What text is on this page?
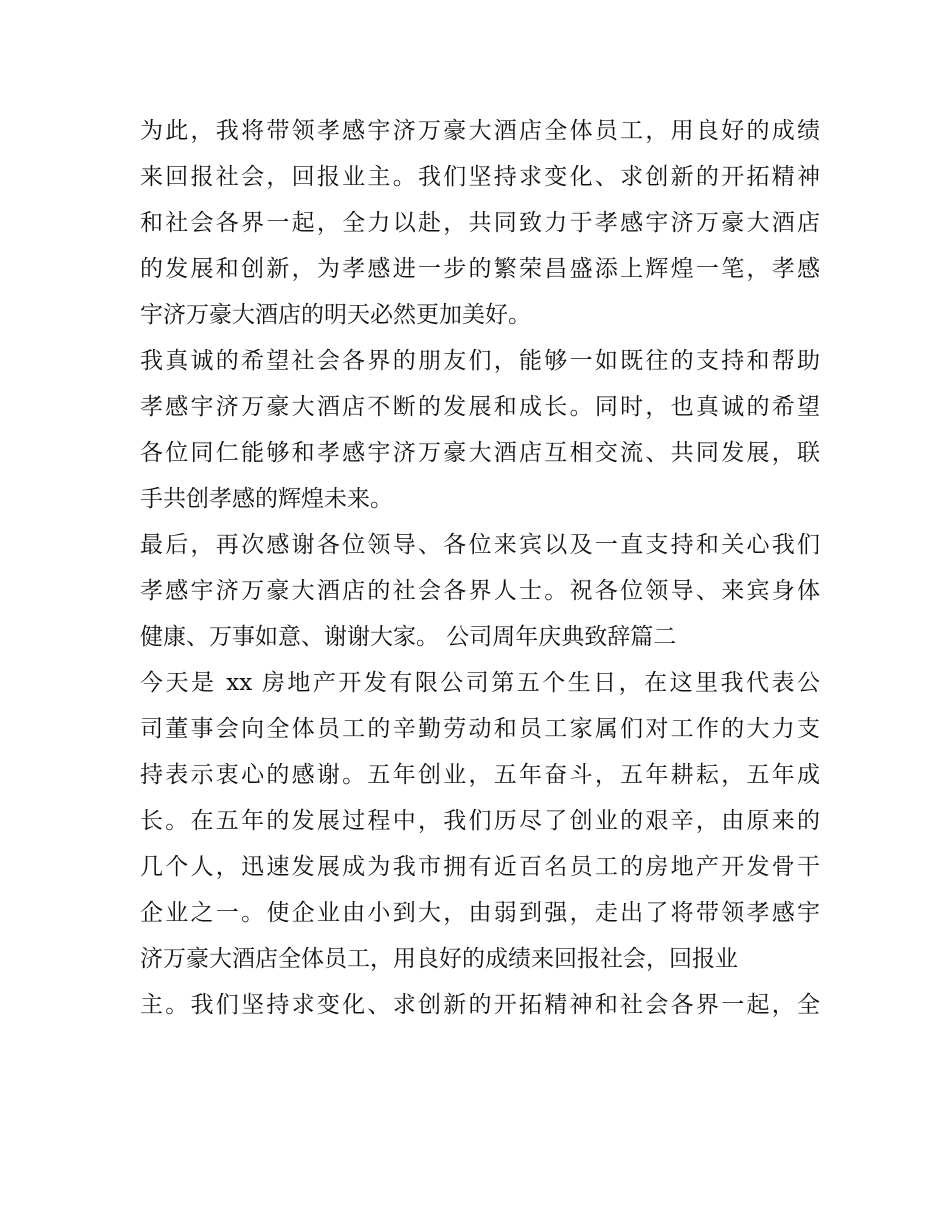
为此，我将带领孝感宇济万豪大酒店全体员工，用良好的成绩
来回报社会，回报业主。我们坚持求变化、求创新的开拓精神
和社会各界一起，全力以赴，共同致力于孝感宇济万豪大酒店
的发展和创新，为孝感进一步的繁荣昌盛添上辉煌一笔，孝感
宇济万豪大酒店的明天必然更加美好。
我真诚的希望社会各界的朋友们，能够一如既往的支持和帮助
孝感宇济万豪大酒店不断的发展和成长。同时，也真诚的希望
各位同仁能够和孝感宇济万豪大酒店互相交流、共同发展，联
手共创孝感的辉煌未来。
最后，再次感谢各位领导、各位来宾以及一直支持和关心我们
孝感宇济万豪大酒店的社会各界人士。祝各位领导、来宾身体
健康、万事如意、谢谢大家。 公司周年庆典致辞篇二
今天是 xx 房地产开发有限公司第五个生日，在这里我代表公
司董事会向全体员工的辛勤劳动和员工家属们对工作的大力支
持表示衷心的感谢。五年创业，五年奋斗，五年耕耘，五年成
长。在五年的发展过程中，我们历尽了创业的艰辛，由原来的
几个人，迅速发展成为我市拥有近百名员工的房地产开发骨干
企业之一。使企业由小到大，由弱到强，走出了将带领孝感宇
济万豪大酒店全体员工，用良好的成绩来回报社会，回报业
主。我们坚持求变化、求创新的开拓精神和社会各界一起，全
